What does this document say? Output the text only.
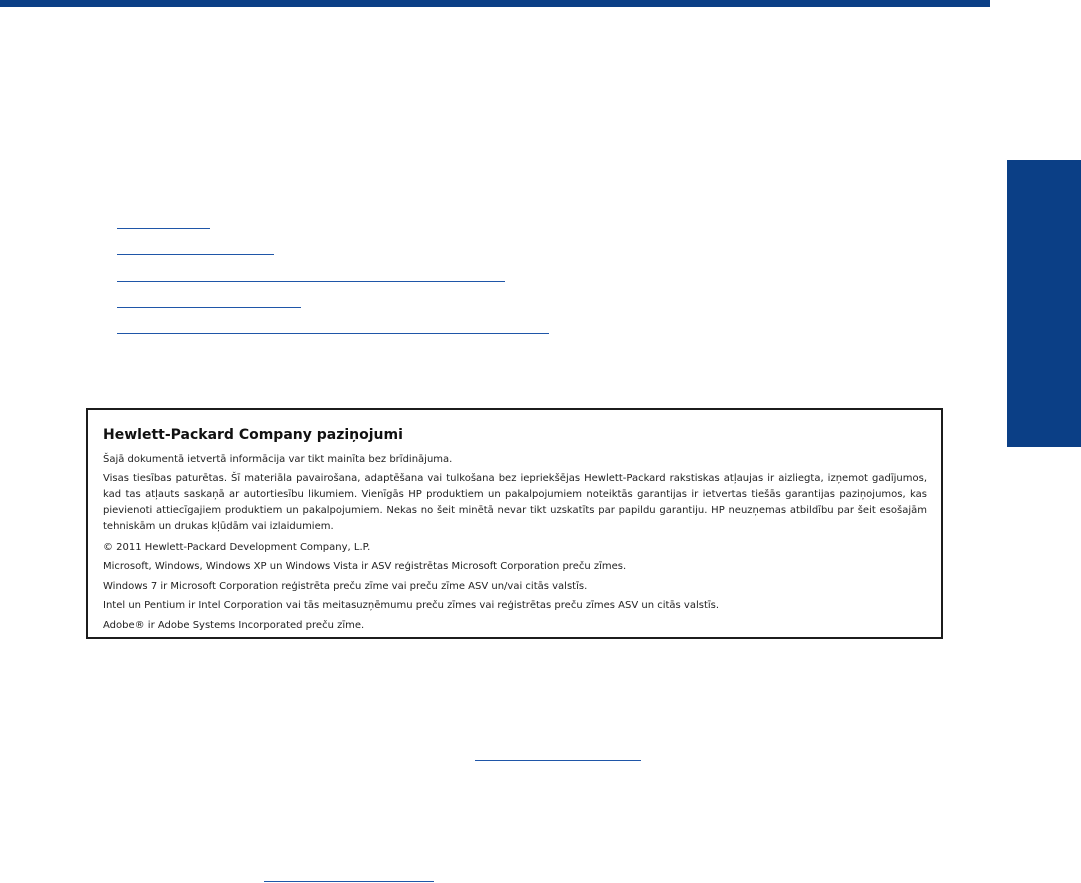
Hewlett-Packard Company paziņojumi

Šajā dokumentā ietvertā informācija var tikt mainīta bez brīdinājuma.

Visas tiesības paturētas. Šī materiāla pavairošana, adaptēšana vai tulkošana bez iepriekšējas Hewlett-Packard rakstiskas atļaujas ir aizliegta, izņemot gadījumos, kad tas atļauts saskaņā ar autortiesību likumiem. Vienīgās HP produktiem un pakalpojumiem noteiktās garantijas ir ietvertas tiešās garantijas paziņojumos, kas pievienoti attiecīgajiem produktiem un pakalpojumiem. Nekas no šeit minētā nevar tikt uzskatīts par papildu garantiju. HP neuzņemas atbildību par šeit esošajām tehniskām un drukas kļūdām vai izlaidumiem.

© 2011 Hewlett-Packard Development Company, L.P.

Microsoft, Windows, Windows XP un Windows Vista ir ASV reģistrētas Microsoft Corporation preču zīmes.

Windows 7 ir Microsoft Corporation reģistrēta preču zīme vai preču zīme ASV un/vai citās valstīs.

Intel un Pentium ir Intel Corporation vai tās meitasuzņēmumu preču zīmes vai reģistrētas preču zīmes ASV un citās valstīs.

Adobe® ir Adobe Systems Incorporated preču zīme.
